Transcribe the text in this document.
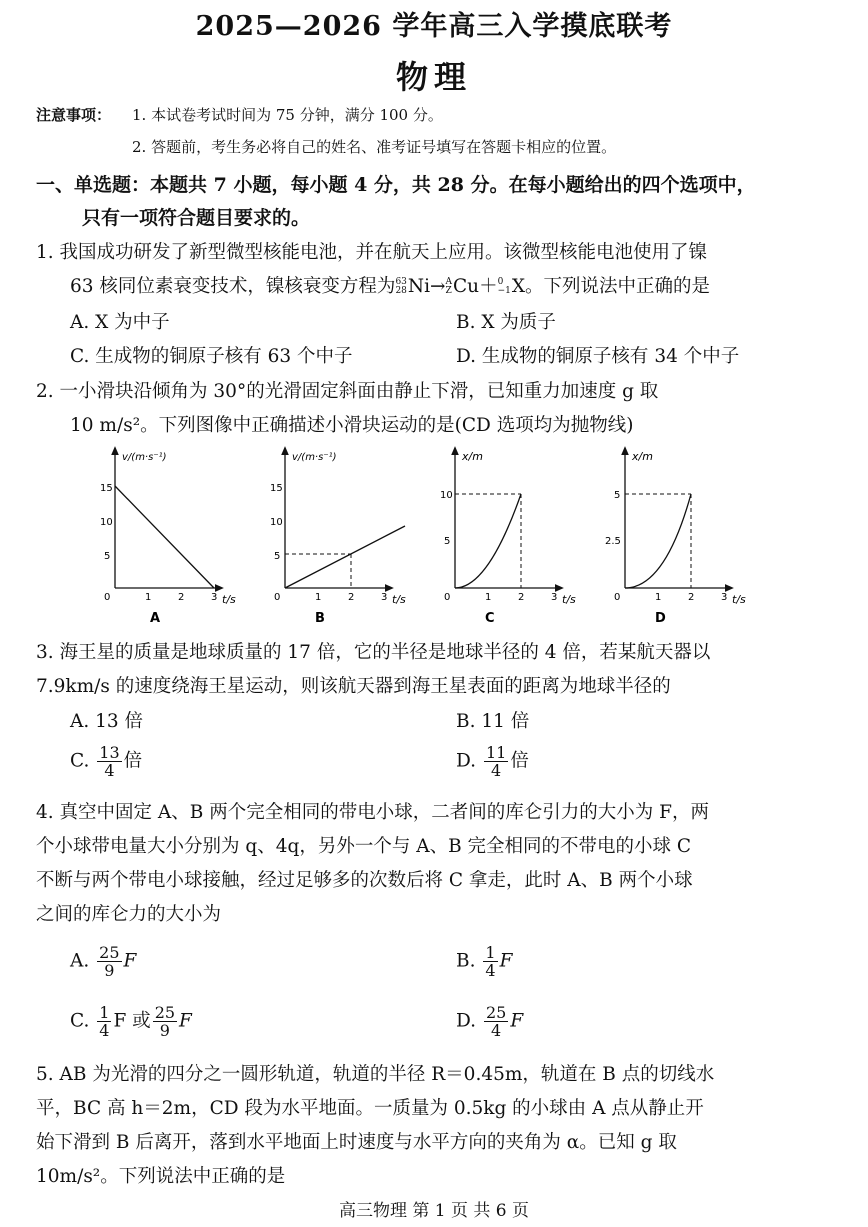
2025—2026 学年高三入学摸底联考
物理
注意事项： 1. 本试卷考试时间为 75 分钟，满分 100 分。
2. 答题前，考生务必将自己的姓名、准考证号填写在答题卡相应的位置。
一、单选题：本题共 7 小题，每小题 4 分，共 28 分。在每小题给出的四个选项中，
只有一项符合题目要求的。
1. 我国成功研发了新型微型核能电池，并在航天上应用。该微型核能电池使用了镍
63 核同位素衰变技术，镍核衰变方程为 63
28 Ni→ A
Z Cu＋ 0
−1 X。下列说法中正确的是
A. X 为中子	B. X 为质子
C. 生成物的铜原子核有 63 个中子	D. 生成物的铜原子核有 34 个中子
2. 一小滑块沿倾角为 30°的光滑固定斜面由静止下滑，已知重力加速度 g 取
10 m/s²。下列图像中正确描述小滑块运动的是(CD 选项均为抛物线)
v/(m·s⁻¹)
t/s
15
10
5
0	1	2	3
A
v/(m·s⁻¹)
t/s
15
10
5
0	1	2	3
B
x/m
t/s
10
5
0	1	2	3
C
x/m
t/s
5
2.5
0	1	2	3
D
3. 海王星的质量是地球质量的 17 倍，它的半径是地球半径的 4 倍，若某航天器以
7.9km/s 的速度绕海王星运动，则该航天器到海王星表面的距离为地球半径的
A. 13 倍	B. 11 倍
C. $\frac{13}{4}$ 倍	D. $\frac{11}{4}$ 倍
4. 真空中固定 A、B 两个完全相同的带电小球，二者间的库仑引力的大小为 F，两
个小球带电量大小分别为 q、4q，另外一个与 A、B 完全相同的不带电的小球 C
不断与两个带电小球接触，经过足够多的次数后将 C 拿走，此时 A、B 两个小球
之间的库仑力的大小为
A. $\frac{25}{9}$ F	B. $\frac{1}{4}$ F
C. $\frac{1}{4}$ F 或 $\frac{25}{9}$ F	D. $\frac{25}{4}$ F
5. AB 为光滑的四分之一圆形轨道，轨道的半径 R＝0.45m，轨道在 B 点的切线水
平，BC 高 h＝2m，CD 段为水平地面。一质量为 0.5kg 的小球由 A 点从静止开
始下滑到 B 后离开，落到水平地面上时速度与水平方向的夹角为 α。已知 g 取
10m/s²。下列说法中正确的是
高三物理 第 1 页 共 6 页
